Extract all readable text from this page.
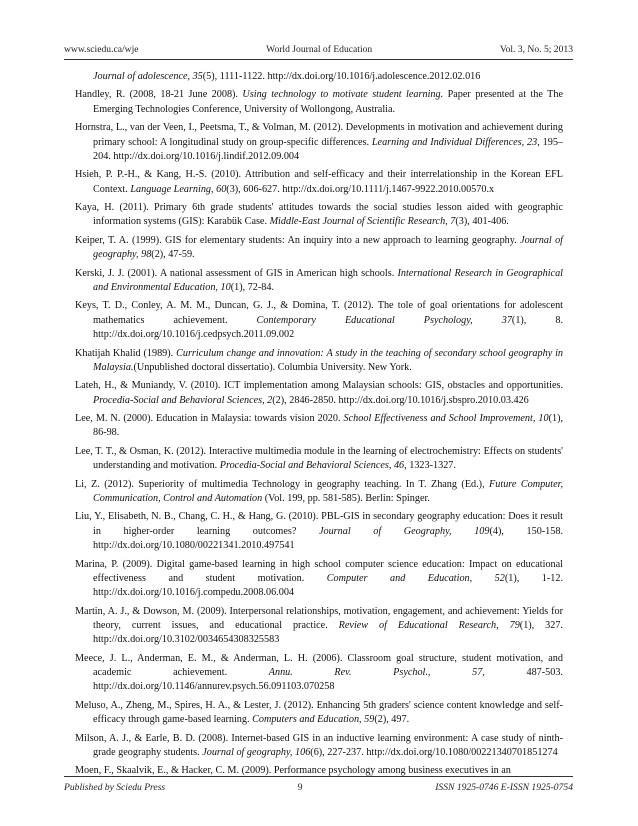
www.sciedu.ca/wje	World Journal of Education	Vol. 3, No. 5; 2013

Journal of adolescence, 35(5), 1111-1122. http://dx.doi.org/10.1016/j.adolescence.2012.02.016

Handley, R. (2008, 18-21 June 2008). Using technology to motivate student learning. Paper presented at the The Emerging Technologies Conference, University of Wollongong, Australia.

Hornstra, L., van der Veen, I., Peetsma, T., & Volman, M. (2012). Developments in motivation and achievement during primary school: A longitudinal study on group-specific differences. Learning and Individual Differences, 23, 195–204. http://dx.doi.org/10.1016/j.lindif.2012.09.004

Hsieh, P. P.-H., & Kang, H.-S. (2010). Attribution and self-efficacy and their interrelationship in the Korean EFL Context. Language Learning, 60(3), 606-627. http://dx.doi.org/10.1111/j.1467-9922.2010.00570.x

Kaya, H. (2011). Primary 6th grade students' attitudes towards the social studies lesson aided with geographic information systems (GIS): Karabük Case. Middle-East Journal of Scientific Research, 7(3), 401-406.

Keiper, T. A. (1999). GIS for elementary students: An inquiry into a new approach to learning geography. Journal of geography, 98(2), 47-59.

Kerski, J. J. (2001). A national assessment of GIS in American high schools. International Research in Geographical and Environmental Education, 10(1), 72-84.

Keys, T. D., Conley, A. M. M., Duncan, G. J., & Domina, T. (2012). The tole of goal orientations for adolescent mathematics achievement. Contemporary Educational Psychology, 37(1), 8. http://dx.doi.org/10.1016/j.cedpsych.2011.09.002

Khatijah Khalid (1989). Curriculum change and innovation: A study in the teaching of secondary school geography in Malaysia.(Unpublished doctoral dissertatio). Columbia University. New York.

Lateh, H., & Muniandy, V. (2010). ICT implementation among Malaysian schools: GIS, obstacles and opportunities. Procedia-Social and Behavioral Sciences, 2(2), 2846-2850. http://dx.doi.org/10.1016/j.sbspro.2010.03.426

Lee, M. N. (2000). Education in Malaysia: towards vision 2020. School Effectiveness and School Improvement, 10(1), 86-98.

Lee, T. T., & Osman, K. (2012). Interactive multimedia module in the learning of electrochemistry: Effects on students' understanding and motivation. Procedia-Social and Behavioral Sciences, 46, 1323-1327.

Li, Z. (2012). Superiority of multimedia Technology in geography teaching. In T. Zhang (Ed.), Future Computer, Communication, Control and Automation (Vol. 199, pp. 581-585). Berlin: Spinger.

Liu, Y., Elisabeth, N. B., Chang, C. H., & Hang, G. (2010). PBL-GIS in secondary geography education: Does it result in higher-order learning outcomes? Journal of Geography, 109(4), 150-158. http://dx.doi.org/10.1080/00221341.2010.497541

Marina, P. (2009). Digital game-based learning in high school computer science education: Impact on educational effectiveness and student motivation. Computer and Education, 52(1), 1-12. http://dx.doi.org/10.1016/j.compedu.2008.06.004

Martin, A. J., & Dowson, M. (2009). Interpersonal relationships, motivation, engagement, and achievement: Yields for theory, current issues, and educational practice. Review of Educational Research, 79(1), 327. http://dx.doi.org/10.3102/0034654308325583

Meece, J. L., Anderman, E. M., & Anderman, L. H. (2006). Classroom goal structure, student motivation, and academic achievement. Annu. Rev. Psychol., 57, 487-503. http://dx.doi.org/10.1146/annurev.psych.56.091103.070258

Meluso, A., Zheng, M., Spires, H. A., & Lester, J. (2012). Enhancing 5th graders' science content knowledge and self-efficacy through game-based learning. Computers and Education, 59(2), 497.

Milson, A. J., & Earle, B. D. (2008). Internet-based GIS in an inductive learning environment: A case study of ninth-grade geography students. Journal of geography, 106(6), 227-237. http://dx.doi.org/10.1080/00221340701851274

Moen, F., Skaalvik, E., & Hacker, C. M. (2009). Performance psychology among business executives in an

Published by Sciedu Press	9	ISSN 1925-0746 E-ISSN 1925-0754
